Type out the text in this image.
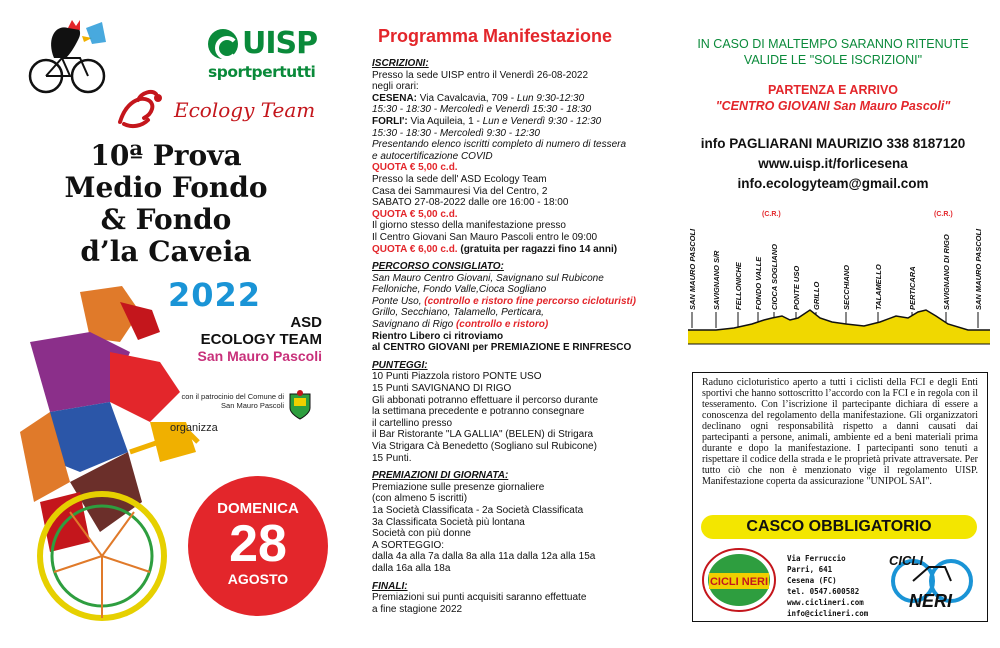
UISP
sportpertutti
Ecology Team
10ª Prova
Medio Fondo
& Fondo
d’la Caveia
2022
ASD
ECOLOGY TEAM
San Mauro Pascoli
con il patrocinio del Comune di San Mauro Pascoli
organizza
DOMENICA
28
AGOSTO
Programma Manifestazione
ISCRIZIONI:
Presso la sede UISP entro il Venerdì 26-08-2022
negli orari:
CESENA: Via Cavalcavia, 709 - Lun 9:30-12:30
15:30 - 18:30 - Mercoledì e Venerdì 15:30 - 18:30
FORLI': Via Aquileia, 1 - Lun e Venerdì 9:30 - 12:30
15:30 - 18:30 - Mercoledì 9:30 - 12:30
Presentando elenco iscritti completo di numero di tessera
e autocertificazione COVID
QUOTA € 5,00 c.d.
Presso la sede dell' ASD Ecology Team
Casa dei Sammauresi Via del Centro, 2
SABATO 27-08-2022 dalle ore 16:00 - 18:00
QUOTA € 5,00 c.d.
Il giorno stesso della manifestazione presso
Il Centro Giovani San Mauro Pascoli entro le 09:00
QUOTA € 6,00 c.d. (gratuita per ragazzi fino 14 anni)
PERCORSO CONSIGLIATO:
San Mauro Centro Giovani, Savignano sul Rubicone
Felloniche, Fondo Valle,Cioca Sogliano
Ponte Uso, (controllo e ristoro fine percorso cicloturisti)
Grillo, Secchiano, Talamello, Perticara,
Savignano di Rigo (controllo e ristoro)
Rientro Libero ci ritroviamo
al CENTRO GIOVANI per PREMIAZIONE E RINFRESCO
PUNTEGGI:
10 Punti Piazzola ristoro PONTE USO
15 Punti SAVIGNANO DI RIGO
Gli abbonati potranno effettuare il percorso durante
la settimana precedente e potranno consegnare
il cartellino presso
il Bar Ristorante "LA GALLIA" (BELEN) di Strigara
Via Strigara Cà Benedetto (Sogliano sul Rubicone)
15 Punti.
PREMIAZIONI DI GIORNATA:
Premiazione sulle presenze giornaliere
(con almeno 5 iscritti)
1a Società Classificata - 2a Società Classificata
3a Classificata Società più lontana
Società con più donne
A SORTEGGIO:
dalla 4a alla 7a dalla 8a alla 11a dalla 12a alla 15a
dalla 16a alla 18a
FINALI:
Premiazioni sui punti acquisiti saranno effettuate
a fine stagione 2022
IN CASO DI MALTEMPO SARANNO RITENUTE
VALIDE LE "SOLE ISCRIZIONI"
PARTENZA E ARRIVO
"CENTRO GIOVANI San Mauro Pascoli"
info PAGLIARANI MAURIZIO 338 8187120
www.uisp.it/forlicesena
info.ecologyteam@gmail.com
SAN MAURO PASCOLI SAVIGNANO S/R FELLONICHE FONDO VALLE CIOCA SOGLIANO PONTE USO GRILLO	SECCHIANO	TALAMELLO	PERTICARA	SAVIGNANO DI RIGO	SAN MAURO PASCOLI
(C.R.)	(C.R.)
Raduno cicloturistico aperto a tutti i ciclisti della FCI e degli Enti sportivi che hanno sottoscritto l’accordo con la FCI e in regola con il tesseramento. Con l’iscrizione il partecipante dichiara di essere a conoscenza del regolamento della manifestazione. Gli organizzatori declinano ogni responsabilità rispetto a danni causati dai partecipanti a persone, animali, ambiente ed a beni materiali prima durante e dopo la manifestazione. I partecipanti sono tenuti a rispettare il codice della strada e le proprietà private attraversate. Per tutto ciò che non è menzionato vige il regolamento UISP. Manifestazione coperta da assicurazione "UNIPOL SAI".
CASCO OBBLIGATORIO
CICLI NERI
Via Ferruccio Parri, 641
Cesena (FC)
tel. 0547.600582
www.ciclineri.com
info@ciclineri.com
CICLI
NERI
